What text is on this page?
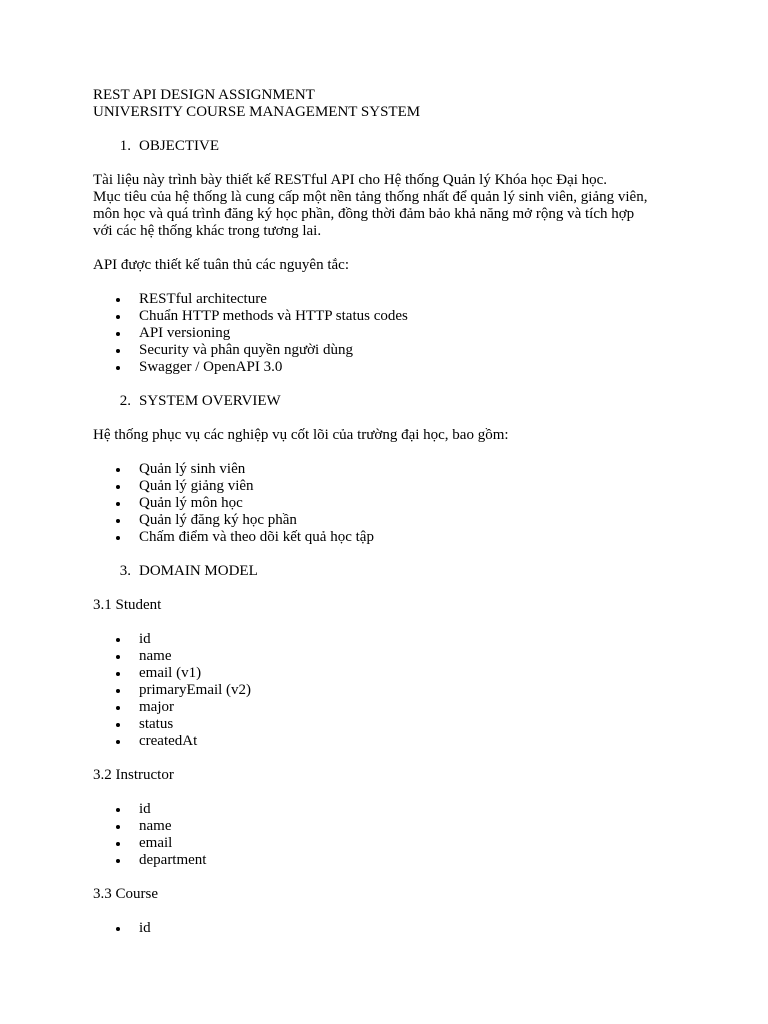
REST API DESIGN ASSIGNMENT
UNIVERSITY COURSE MANAGEMENT SYSTEM
1. OBJECTIVE
Tài liệu này trình bày thiết kế RESTful API cho Hệ thống Quản lý Khóa học Đại học.
Mục tiêu của hệ thống là cung cấp một nền tảng thống nhất để quản lý sinh viên, giảng viên,
môn học và quá trình đăng ký học phần, đồng thời đảm bảo khả năng mở rộng và tích hợp
với các hệ thống khác trong tương lai.
API được thiết kế tuân thủ các nguyên tắc:
RESTful architecture
Chuẩn HTTP methods và HTTP status codes
API versioning
Security và phân quyền người dùng
Swagger / OpenAPI 3.0
2. SYSTEM OVERVIEW
Hệ thống phục vụ các nghiệp vụ cốt lõi của trường đại học, bao gồm:
Quản lý sinh viên
Quản lý giảng viên
Quản lý môn học
Quản lý đăng ký học phần
Chấm điểm và theo dõi kết quả học tập
3. DOMAIN MODEL
3.1 Student
id
name
email (v1)
primaryEmail (v2)
major
status
createdAt
3.2 Instructor
id
name
email
department
3.3 Course
id
